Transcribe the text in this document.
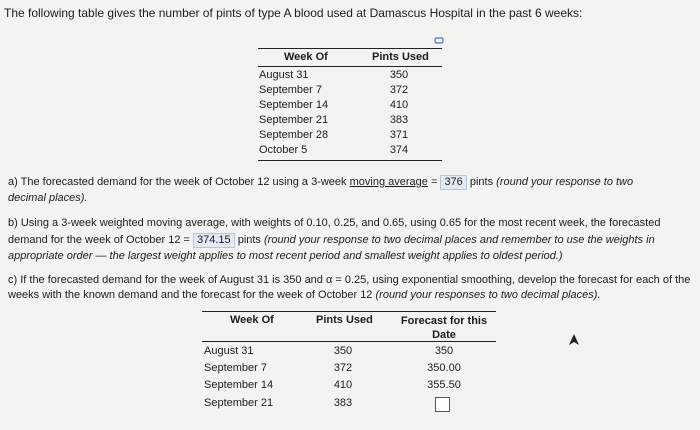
The following table gives the number of pints of type A blood used at Damascus Hospital in the past 6 weeks:
Week Of	Pints Used
August 31	350
September 7	372
September 14	410
September 21	383
September 28	371
October 5	374
a) The forecasted demand for the week of October 12 using a 3-week moving average = 376 pints (round your response to two
decimal places).
b) Using a 3-week weighted moving average, with weights of 0.10, 0.25, and 0.65, using 0.65 for the most recent week, the forecasted
demand for the week of October 12 = 374.15 pints (round your response to two decimal places and remember to use the weights in
appropriate order — the largest weight applies to most recent period and smallest weight applies to oldest period.)
c) If the forecasted demand for the week of August 31 is 350 and α = 0.25, using exponential smoothing, develop the forecast for each of the
weeks with the known demand and the forecast for the week of October 12 (round your responses to two decimal places).
Week Of	Pints Used	Forecast for this
Date
August 31	350	350
September 7	372	350.00
September 14	410	355.50
September 21	383
